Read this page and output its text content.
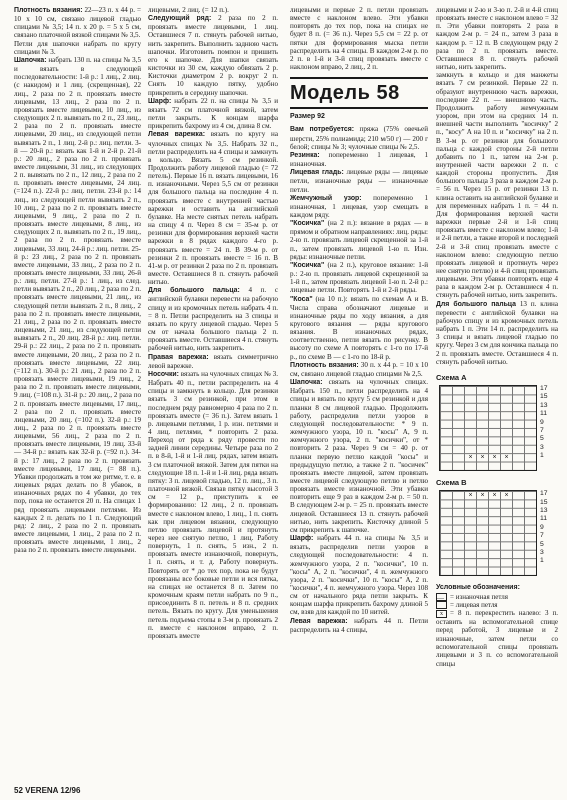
Плотность вязания: 22—23 п. х 44 р. = 10 х 10 см, связано лицевой гладью спицами № 3,5; 14 п. х 20 р. = 5 х 5 см, связано платочной вязкой спицами № 3,5.

Петли для шапочки набрать по кругу спицами № 3.

Шапочка: набрать 130 п. на спицы № 3,5 и вязать в следующей последовательности: 1-й р.: 1 лиц., 2 лиц. (с накидом) и 1 лиц. (скрещенная), 22 лиц., 2 раза по 2 п. провязать вместе лицевыми, 13 лиц., 2 раза по 2 п. провязать вместе лицевыми, 10 лиц., из следующих 2 п. вывязать по 2 п., 23 лиц., 2 раза по 2 п. провязать вместе лицевыми, 20 лиц., из следующей петли вывязать 2 п., 1 лиц. 2-й р.: лиц. петли. 3-й — 20-й р.: вязать как 1-й и 2-й р. 21-й р.: 20 лиц., 2 раза по 2 п. провязать вместе лицевыми, 31 лиц., из следующих 2 п. вывязать по 2 п., 12 лиц., 2 раза по 2 п. провязать вместе лицевыми, 24 лиц. (=124 п.). 22-й р.: лиц. петли. 23-й р.: 14 лиц., из следующей петли вывязать 2 п., 10 лиц., 2 раза по 2 п. провязать вместе лицевыми, 9 лиц., 2 раза по 2 п. провязать вместе лицевыми, 8 лиц., из следующих 2 п. вывязать по 2 п., 19 лиц., 2 раза по 2 п. провязать вместе лицевыми, 33 лиц. 24-й р.: лиц. петли. 25-й р.: 23 лиц., 2 раза по 2 п. провязать вместе лицевыми, 33 лиц., 2 раза по 2 п. провязать вместе лицевыми, 33 лиц. 26-й р.: лиц. петли. 27-й р.: 1 лиц., из след. петли вывязать 2 п., 20 лиц., 2 раза по 2 п. провязать вместе лицевыми, 21 лиц., из следующей петли вывязать 2 п., 8 лиц., 2 раза по 2 п. провязать вместе лицевыми, 21 лиц., 2 раза по 2 п. провязать вместе лицевыми, 21 лиц., из следующей петли вывязать 2 п., 20 лиц. 28-й р.: лиц. петли. 29-й р.: 22 лиц., 2 раза по 2 п. провязать вместе лицевыми, 20 лиц., 2 раза по 2 п. провязать вместе лицевыми, 22 лиц. (=112 п.). 30-й р.: 21 лиц., 2 раза по 2 п. провязать вместе лицевыми, 19 лиц., 2 раза по 2 п. провязать вместе лицевыми, 9 лиц. (=108 п.). 31-й р.: 20 лиц., 2 раза по 2 п. провязать вместе лицевыми, 17 лиц., 2 раза по 2 п. провязать вместе лицевыми, 20 лиц. (=102 п.). 32-й р.: 19 лиц., 2 раза по 2 п. провязать вместе лицевыми, 56 лиц., 2 раза по 2 п. провязать вместе лицевыми, 19 лиц. 33-й — 34-й р.: вязать как 32-й р. (=92 п.). 34-й р.: 17 лиц., 2 раза по 2 п. провязать вместе лицевыми, 17 лиц. (= 88 п.). Убавки продолжать в том же ритме, т. е. в лицевых рядах делать по 8 убавок, в изнаночных рядах по 4 убавки, до тех пор, пока не останется 20 п. На спицах 1 ряд провязать лицевыми петлями. Из каждых 2 п. делать по 1 п. Следующий ряд: 2 лиц., 2 раза по 2 п. провязать вместе лицевыми, 1 лиц., 2 раза по 2 п. провязать вместе лицевыми, 1 лиц., 2 раза по 2 п. провязать вместе лицевыми.

лицевыми, 2 лиц. (= 12 п.).

Следующий ряд: 2 раза по 2 п. провязать вместе лицевыми, 1 лиц. Оставшиеся 7 п. стянуть рабочей нитью, нить закрепить. Выполнить заднюю часть шапочки. Изготовить помпон и пришить его к шапочке. Для шапки связать кисточки из 30 см, каждую обвязать 2 р. Кисточки диаметром 2 р. вокруг 2 п. Снять 10 каждую пятку, удобно прикрепить в середину шапочки.

Шарф: набрать 22 п. на спицы № 3,5 и вязать 72 см платочной вязкой, затем петли закрыть. К концам шарфа прикрепить бахрому из 4 см, длина 8 см.

Левая варежка: вязать по кругу на чулочных спицах № 3,5. Набрать 32 п., петли распределить на 4 спицы и замкнуть в кольцо. Вязать 5 см резинкой. Продолжить работу лицевой гладью (= 72 петель). Первые 16 п. вязать лицевыми, 16 п. изнаночными. Через 5,5 см от резинки для большого пальца на последние 4 п. провязать вместе с внутренней частью варежки и оставить на английской булавке. На месте снятых петель набрать на спицу 4 п. Через 8 см = 35-м р. от резинки для формирования верхней части варежки в 8 рядах каждого 4-го р. провязать вместе = 24 п. В 39-м р. от резинки 2 п. провязать вместе = 16 п. В 41-м р. от резинки 2 раза по 2 п. провязать вместе. Оставшиеся 8 п. стянуть рабочей нитью.

Для большого пальца: 4 п. с английской булавки перевести на рабочую спицу и из кромочных петель набрать 4 п. = 8 п. Петли распределить на 3 спицы и вязать по кругу лицевой гладью. Через 5 см от начала большого пальца 2 п. провязать вместе. Оставшиеся 4 п. стянуть рабочей нитью, нить закрепить.

Правая варежка: вязать симметрично левой варежке.

Носочки: вязать на чулочных спицах № 3. Набрать 40 п., петли распределить на 4 спицы и замкнуть в кольцо. Для резинки вязать 3 см резинкой, при этом в последнем ряду равномерно 4 раза по 2 п. провязать вместе (= 36 п.). Затем вязать 1 р. лицевыми петлями, 1 р. изн. петлями и 4 лиц. петлями, * повторить 2 раза. Переход от ряда к ряду провести по задней линии середины. Четыре раза по 2 п. в 8-й, 1-й и 1-й лиц. рядах, затем вязать 3 см платочной вязкой. Затем для пятки на следующие 18 п. 1-й и 1-й лиц. ряда вязать пятку: 3 п. лицевой гладью, 12 п. лиц., 3 п. платочной вязкой. Связав пятку высотой 3 см = 12 р., приступить к ее формированию: 12 лиц., 2 п. провязать вместе с наклоном влево, 1 лиц., 1 п. снять как при лицевом вязании, следующую петлю провязать лицевой и протянуть через нее снятую петлю, 1 лиц. Работу повернуть, 1 п. снять, 5 изн., 2 п. провязать вместе изнаночной, повернуть, 1 п. снять, и т. д. Работу повернуть. Повторять от * до тех пор, пока не будут провязаны все боковые петли и вся пятка, на спицах не останется 8 п. Затем по кромочным краям петли набрать по 9 п., присоединить 8 п. петель и 8 п. средних петель. Вязать по кругу. Для уменьшения петель подъема стопы в 3-м р. провязать 2 п. вместе с наклоном вправо, 2 п. провязать вместе

лицевыми и первые 2 п. петли провязать вместе с наклоном влево. Эти убавки повторять до тех пор, пока на спицах не будет 8 п. (= 36 п.). Через 5,5 см = 22 р. от пятки для формирования мыска петли распределить на 4 спицы. В каждом 2-м р. по 2 п. в 1-й и 3-й спиц провязать вместе с наклоном вправо, 2 лиц., 2 п.

Модель 58
Размер 92

Вам потребуется: пряжа (75% овечьей шерсти, 25% полиамида; 210 м/50 г) — 200 г белой; спицы № 3; чулочные спицы № 2,5.

Резинка: попеременно 1 лицевая, 1 изнаночная.

Лицевая гладь: лицевые ряды — лицевые петли, изнаночные ряды — изнаночные петли.

Жемчужный узор: попеременно 1 изнаночная, 1 лицевая, узор смещать в каждом ряду.

"Косичка" (на 2 п.): вязание в рядах — в прямом и обратном направлениях: лиц. ряды: 2-ю п. провязать лицевой скрещенной за 1-й п., затем провязать лицевой 1-ю п. Изн. ряды: изнаночные петли.

"Косичка" (на 2 п.), круговое вязание: 1-й р.: 2-ю п. провязать лицевой скрещенной за 1-й п., затем провязать лицевой 1-ю п. 2-й р.: лицевые петли. Повторять 1-й и 2-й ряды.

"Коса" (на 10 п.): вязать по схемам А и В. Числа справа обозначают лицевые и изнаночные ряды по ходу вязания, а для кругового вязания — ряды кругового вязания. В изнаночных рядах, соответственно, петли вязать по рисунку. В высоту по схеме А повторять с 1-го по 17-й р., по схеме В — с 1-го по 18-й р.

Плотность вязания: 30 п. х 44 р. = 10 х 10 см, связано лицевой гладью спицами № 2,5.

Шапочка: связать на чулочных спицах. Набрать 150 п., петли распределить на 4 спицы и вязать по кругу 5 см резинкой и для планки 8 см лицевой гладью. Продолжить работу, распределив петли узоров в следующей последовательности: * 9 п. жемчужного узора, 10 п. "косы" А, 9 п. жемчужного узора, 2 п. "косички", от * повторить 2 раза. Через 9 см = 40 р. от планки первую петлю каждой "косы" и предыдущую петлю, а также 2 п. "косичек" провязать вместе лицевой, затем провязать вместе лицевой следующую петлю и петлю провязать вместе изнаночной. Эти убавки повторить еще 9 раз в каждом 2-м р. = 50 п. В следующем 2-м р. = 25 п. провязать вместе лицевой. Оставшиеся 13 п. стянуть рабочей нитью, нить закрепить. Кисточку длиной 5 см прикрепить к шапочке.

Шарф: набрать 44 п. на спицы № 3,5 и вязать, распределив петли узоров в следующей последовательности: 4 п. жемчужного узора, 2 п. "косички", 10 п. "косы" А, 2 п. "косички", 4 п. жемчужного узора, 2 п. "косички", 10 п. "косы" А, 2 п. "косички", 4 п. жемчужного узора. Через 108 см от начального ряда петли закрыть. К концам шарфа прикрепить бахрому длиной 5 см, взяв для каждой по 10 нитей.

Левая варежка: набрать 44 п. Петли распределить на 4 спицы,

лицевыми и 2-ю и 3-ю п. 2-й и 4-й спиц провязать вместе с наклоном влево = 32 п. Эти убавки повторять 2 раза в каждом 2-м р. = 24 п., затем 3 раза в каждом р. = 12 п. В следующем ряду 2 раза по 2 п. провязать вместе. Оставшиеся 8 п. стянуть рабочей нитью, нить закрепить.

замкнуть в кольцо и для манжеты вязать 7 см резинкой. Первые 22 п. образуют внутреннюю часть варежки, последние 22 п. — внешнюю часть. Продолжить работу жемчужным узором, при этом на средних 14 п. внешней части выполнить "косичку" 2 п., "косу" А на 10 п. и "косичку" на 2 п. В 3-м р. от резинки для большого пальца с каждой стороны 2-й петли добавить по 1 п., затем на 2-м р. внутренней части варежки 2 п. с каждой стороны пропустить. Для большого пальца 3 раза в каждом 2-м р. = 56 п. Через 15 р. от резинки 13 п. клина оставить на английской булавке и для переменных набрать 1 п. = 44 п. Для формирования верхней части варежки первые 2-й и 1-й спиц провязать вместе с наклоном влево; 1-й и 2-й петли, а также второй и последней 2-й и 3-й спиц провязать вместе с наклоном влево: следующую петлю провязать лицевой и протянуть через нее снятую петлю) и 4-й спиц провязать лицевыми. Эти убавки повторять еще 4 раза в каждом 2-м р. Оставшиеся 4 п. стянуть рабочей нитью, нить закрепить.

Для большого пальца 13 п. клина перевести с английской булавки на рабочую спицу и из кромочных петель набрать 1 п. Эти 14 п. распределить на 3 спицы и вязать лицевой гладью по кругу. Через 3 см для кончика пальца по 2 п. провязать вместе. Оставшиеся 4 п. стянуть рабочей нитью.

Схема А
×	×	×	×
17
15
13
11
9
7
5
3
1
Схема В
×	×	×	×	17
15
13
11
9
7
5
3
1
Условные обозначения:
— = изнаночная петля
= лицевая петля
x = 8 п. перекрестить налево: 3 п. оставить на вспомогательной спице перед работой, 3 лицевые и 2 изнаночные, затем петли со вспомогательной спицы провязать лицевыми и 3 п. со вспомогательной спицы
52 VERENA 12/96
